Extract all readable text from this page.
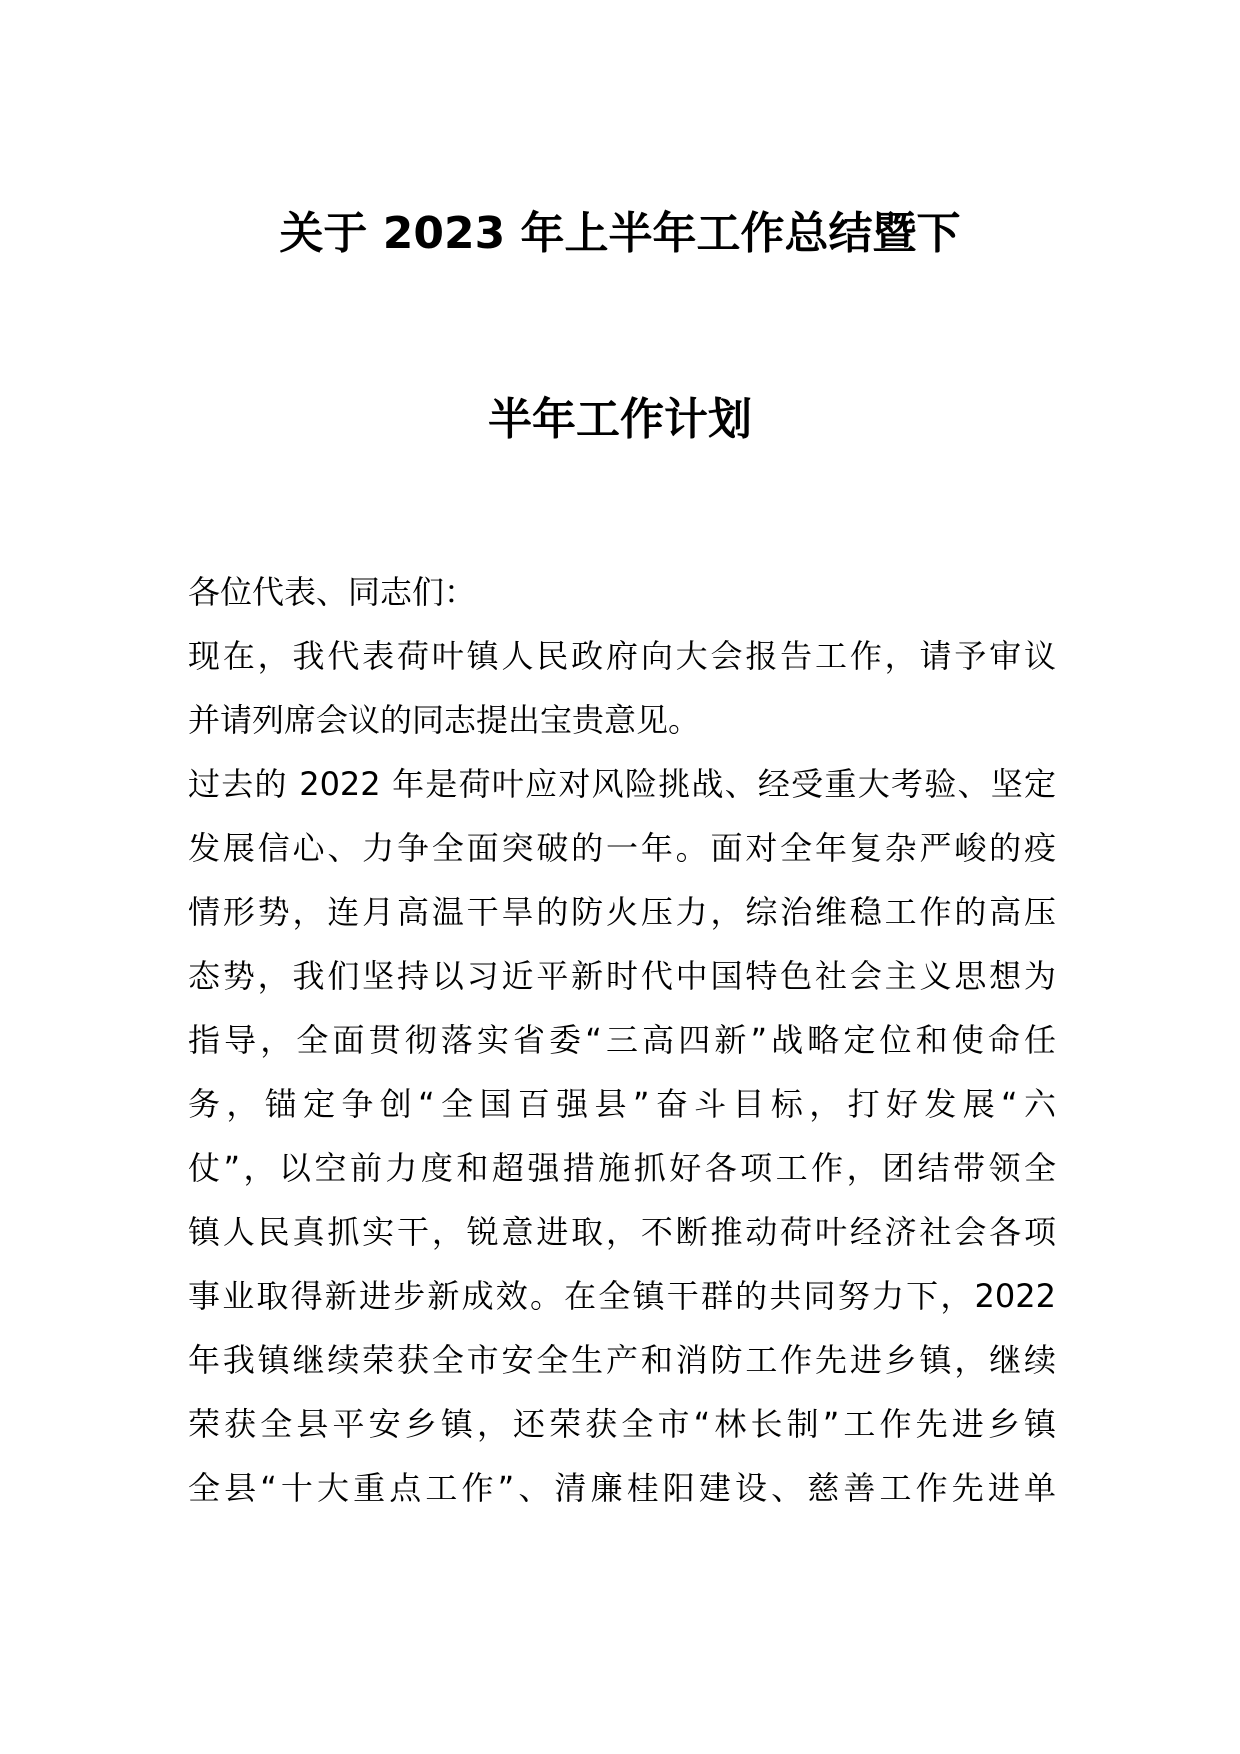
关于 2023 年上半年工作总结暨下
半年工作计划
各位代表、同志们：
现在，我代表荷叶镇人民政府向大会报告工作，请予审议
并请列席会议的同志提出宝贵意见。
过去的 2022 年是荷叶应对风险挑战、经受重大考验、坚定
发展信心、力争全面突破的一年。面对全年复杂严峻的疫
情形势，连月高温干旱的防火压力，综治维稳工作的高压
态势，我们坚持以习近平新时代中国特色社会主义思想为
指导，全面贯彻落实省委“三高四新”战略定位和使命任
务，锚定争创“全国百强县”奋斗目标，打好发展“六
仗”，以空前力度和超强措施抓好各项工作，团结带领全
镇人民真抓实干，锐意进取，不断推动荷叶经济社会各项
事业取得新进步新成效。在全镇干群的共同努力下，2022
年我镇继续荣获全市安全生产和消防工作先进乡镇，继续
荣获全县平安乡镇，还荣获全市“林长制”工作先进乡镇
全县“十大重点工作”、清廉桂阳建设、慈善工作先进单
